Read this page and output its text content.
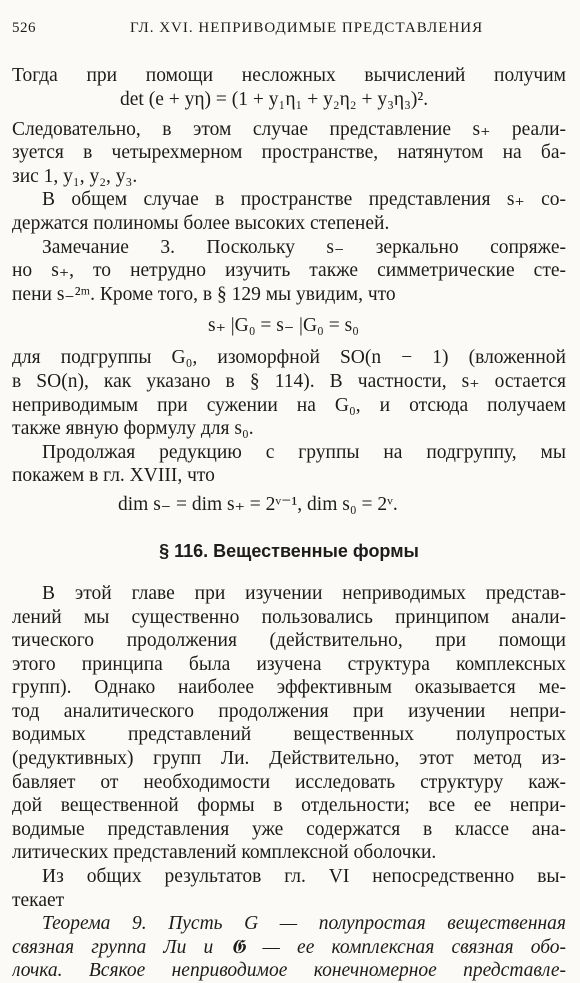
526	ГЛ. XVI. НЕПРИВОДИМЫЕ ПРЕДСТАВЛЕНИЯ

Тогда при помощи несложных вычислений получим

det (e + yη) = (1 + y₁η₁ + y₂η₂ + y₃η₃)².

Следовательно, в этом случае представление s₊ реали-

зуется в четырехмерном пространстве, натянутом на ба-

зис 1, y₁, y₂, y₃.

В общем случае в пространстве представления s₊ со-

держатся полиномы более высоких степеней.

Замечание 3. Поскольку s₋ зеркально сопряже-

но s₊, то нетрудно изучить также симметрические сте-

пени s₋²ᵐ. Кроме того, в § 129 мы увидим, что

s₊ |G₀ = s₋ |G₀ = s₀

для подгруппы G₀, изоморфной SO(n − 1) (вложенной

в SO(n), как указано в § 114). В частности, s₊ остается

неприводимым при сужении на G₀, и отсюда получаем

также явную формулу для s₀.

Продолжая редукцию с группы на подгруппу, мы

покажем в гл. XVIII, что

dim s₋ = dim s₊ = 2ᵛ⁻¹, dim s₀ = 2ᵛ.
§ 116. Вещественные формы

В этой главе при изучении неприводимых представ-

лений мы существенно пользовались принципом анали-

тического продолжения (действительно, при помощи

этого принципа была изучена структура комплексных

групп). Однако наиболее эффективным оказывается ме-

тод аналитического продолжения при изучении непри-

водимых представлений вещественных полупростых

(редуктивных) групп Ли. Действительно, этот метод из-

бавляет от необходимости исследовать структуру каж-

дой вещественной формы в отдельности; все ее непри-

водимые представления уже содержатся в классе ана-

литических представлений комплексной оболочки.

Из общих результатов гл. VI непосредственно вы-

текает

Теорема 9. Пусть G — полупростая вещественная

связная группа Ли и 𝕲 — ее комплексная связная обо-

лочка. Всякое неприводимое конечномерное представле-
